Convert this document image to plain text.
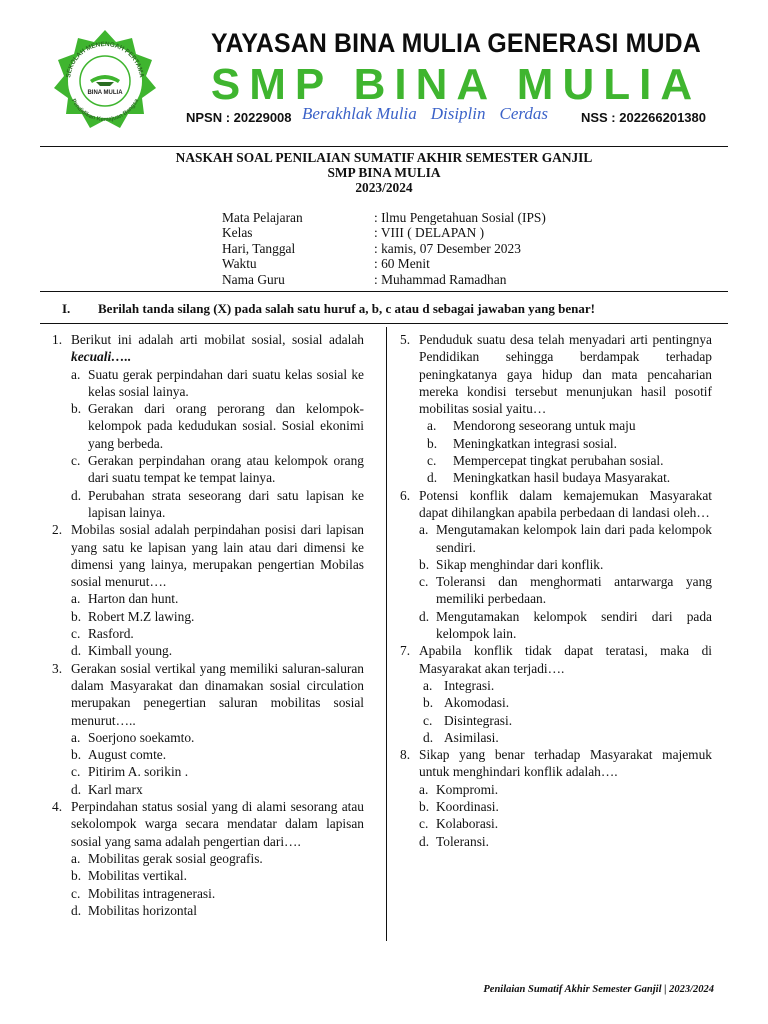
SEKOLAH MENENGAH PERTAMA
Pendidikan Kemajuan Bangsa
BINA MULIA
YAYASAN BINA MULIA GENERASI MUDA
SMP BINA MULIA
NPSN : 20229008 Berakhlak Mulia Disiplin Cerdas	NSS : 202266201380
NASKAH SOAL PENILAIAN SUMATIF AKHIR SEMESTER GANJIL
SMP BINA MULIA
2023/2024
Mata Pelajaran	: Ilmu Pengetahuan Sosial (IPS)
Kelas	: VIII ( DELAPAN )
Hari, Tanggal	: kamis, 07 Desember 2023
Waktu	: 60 Menit
Nama Guru	: Muhammad Ramadhan
I. Berilah tanda silang (X) pada salah satu huruf a, b, c atau d sebagai jawaban yang benar!
1. Berikut ini adalah arti mobilat sosial, sosial adalah kecuali…..
a. Suatu gerak perpindahan dari suatu kelas sosial ke kelas sosial lainya.
b. Gerakan dari orang perorang dan kelompok-kelompok pada kedudukan sosial. Sosial ekonimi yang berbeda.
c. Gerakan perpindahan orang atau kelompok orang dari suatu tempat ke tempat lainya.
d. Perubahan strata seseorang dari satu lapisan ke lapisan lainya.
2. Mobilas sosial adalah perpindahan posisi dari lapisan yang satu ke lapisan yang lain atau dari dimensi ke dimensi yang lainya, merupakan pengertian Mobilas sosial menurut….
a. Harton dan hunt.
b. Robert M.Z lawing.
c. Rasford.
d. Kimball young.
3. Gerakan sosial vertikal yang memiliki saluran-saluran dalam Masyarakat dan dinamakan sosial circulation merupakan penegertian saluran mobilitas sosial menurut…..
a. Soerjono soekamto.
b. August comte.
c. Pitirim A. sorikin .
d. Karl marx
4. Perpindahan status sosial yang di alami sesorang atau sekolompok warga secara mendatar dalam lapisan sosial yang sama adalah pengertian dari….
a. Mobilitas gerak sosial geografis.
b. Mobilitas vertikal.
c. Mobilitas intragenerasi.
d. Mobilitas horizontal
5. Penduduk suatu desa telah menyadari arti pentingnya Pendidikan sehingga berdampak terhadap peningkatanya gaya hidup dan mata pencaharian mereka kondisi tersebut menunjukan hasil posotif mobilitas sosial yaitu…
a. Mendorong seseorang untuk maju
b. Meningkatkan integrasi sosial.
c. Mempercepat tingkat perubahan sosial.
d. Meningkatkan hasil budaya Masyarakat.
6. Potensi konflik dalam kemajemukan Masyarakat dapat dihilangkan apabila perbedaan di landasi oleh…
a. Mengutamakan kelompok lain dari pada kelompok sendiri.
b. Sikap menghindar dari konflik.
c. Toleransi dan menghormati antarwarga yang memiliki perbedaan.
d. Mengutamakan kelompok sendiri dari pada kelompok lain.
7. Apabila konflik tidak dapat teratasi, maka di Masyarakat akan terjadi….
a. Integrasi.
b. Akomodasi.
c. Disintegrasi.
d. Asimilasi.
8. Sikap yang benar terhadap Masyarakat majemuk untuk menghindari konflik adalah….
a. Kompromi.
b. Koordinasi.
c. Kolaborasi.
d. Toleransi.
Penilaian Sumatif Akhir Semester Ganjil | 2023/2024
